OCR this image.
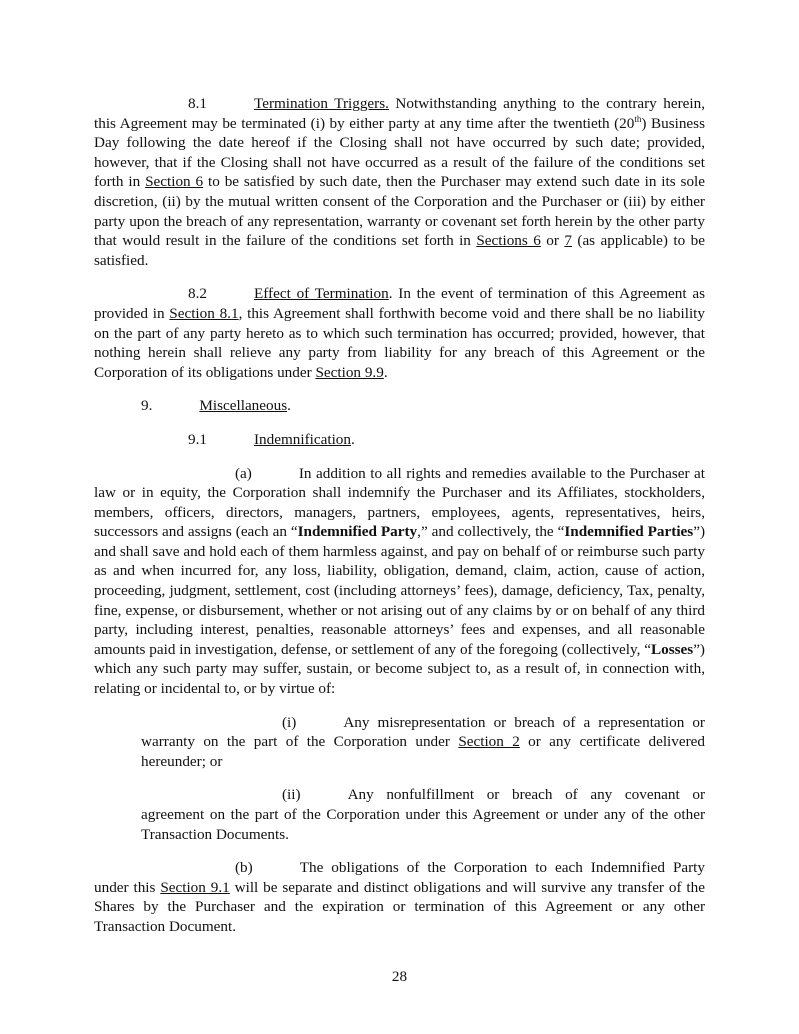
8.1	Termination Triggers. Notwithstanding anything to the contrary herein, this Agreement may be terminated (i) by either party at any time after the twentieth (20th) Business Day following the date hereof if the Closing shall not have occurred by such date; provided, however, that if the Closing shall not have occurred as a result of the failure of the conditions set forth in Section 6 to be satisfied by such date, then the Purchaser may extend such date in its sole discretion, (ii) by the mutual written consent of the Corporation and the Purchaser or (iii) by either party upon the breach of any representation, warranty or covenant set forth herein by the other party that would result in the failure of the conditions set forth in Sections 6 or 7 (as applicable) to be satisfied.

8.2	Effect of Termination. In the event of termination of this Agreement as provided in Section 8.1, this Agreement shall forthwith become void and there shall be no liability on the part of any party hereto as to which such termination has occurred; provided, however, that nothing herein shall relieve any party from liability for any breach of this Agreement or the Corporation of its obligations under Section 9.9.

9.	Miscellaneous.

9.1	Indemnification.

(a)	In addition to all rights and remedies available to the Purchaser at law or in equity, the Corporation shall indemnify the Purchaser and its Affiliates, stockholders, members, officers, directors, managers, partners, employees, agents, representatives, heirs, successors and assigns (each an “Indemnified Party,” and collectively, the “Indemnified Parties”) and shall save and hold each of them harmless against, and pay on behalf of or reimburse such party as and when incurred for, any loss, liability, obligation, demand, claim, action, cause of action, proceeding, judgment, settlement, cost (including attorneys’ fees), damage, deficiency, Tax, penalty, fine, expense, or disbursement, whether or not arising out of any claims by or on behalf of any third party, including interest, penalties, reasonable attorneys’ fees and expenses, and all reasonable amounts paid in investigation, defense, or settlement of any of the foregoing (collectively, “Losses”) which any such party may suffer, sustain, or become subject to, as a result of, in connection with, relating or incidental to, or by virtue of:

(i)	Any misrepresentation or breach of a representation or warranty on the part of the Corporation under Section 2 or any certificate delivered hereunder; or

(ii)	Any nonfulfillment or breach of any covenant or agreement on the part of the Corporation under this Agreement or under any of the other Transaction Documents.

(b)	The obligations of the Corporation to each Indemnified Party under this Section 9.1 will be separate and distinct obligations and will survive any transfer of the Shares by the Purchaser and the expiration or termination of this Agreement or any other Transaction Document.

28
